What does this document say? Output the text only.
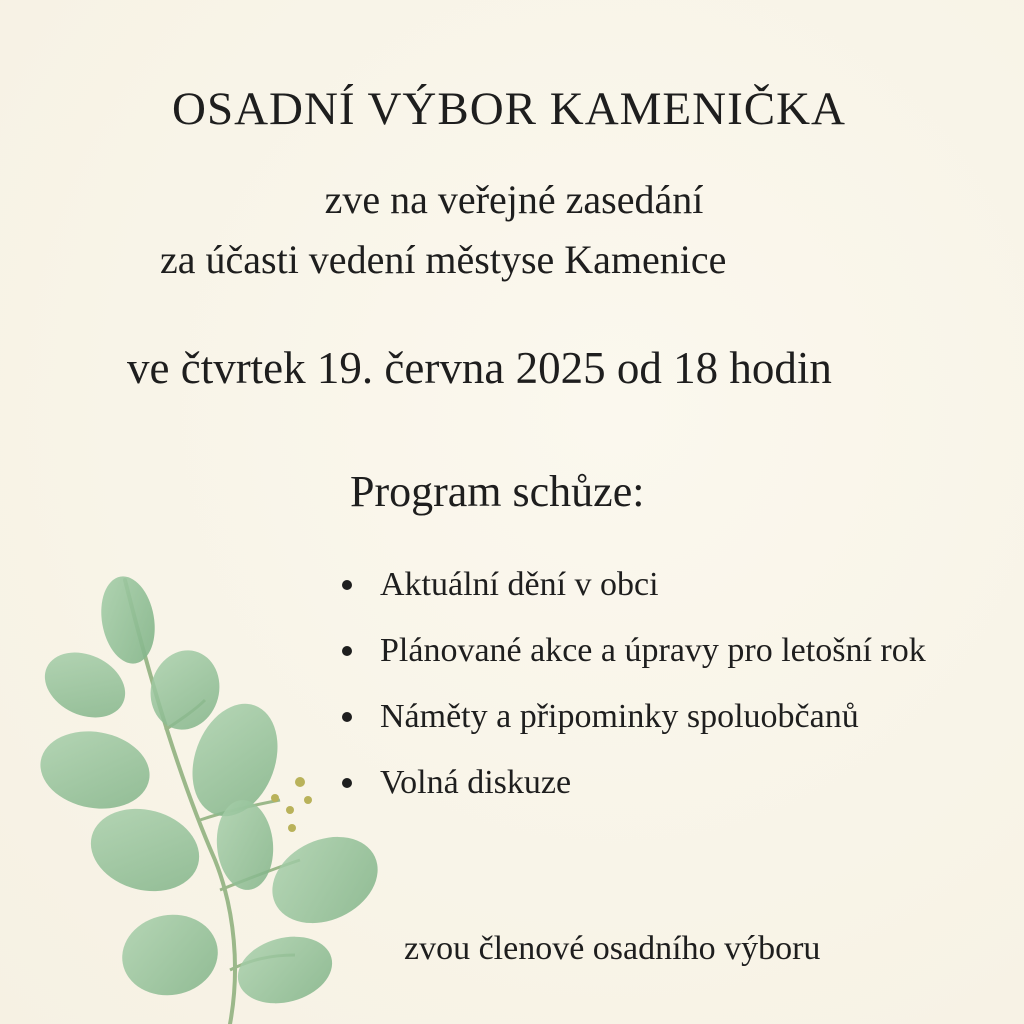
OSADNÍ VÝBOR KAMENIČKA
zve na veřejné zasedání
za účasti vedení městyse Kamenice
ve čtvrtek 19. června 2025 od 18 hodin
Program schůze:
Aktuální dění v obci
Plánované akce a úpravy pro letošní rok
Náměty a připominky spoluobčanů
Volná diskuze
zvou členové osadního výboru
